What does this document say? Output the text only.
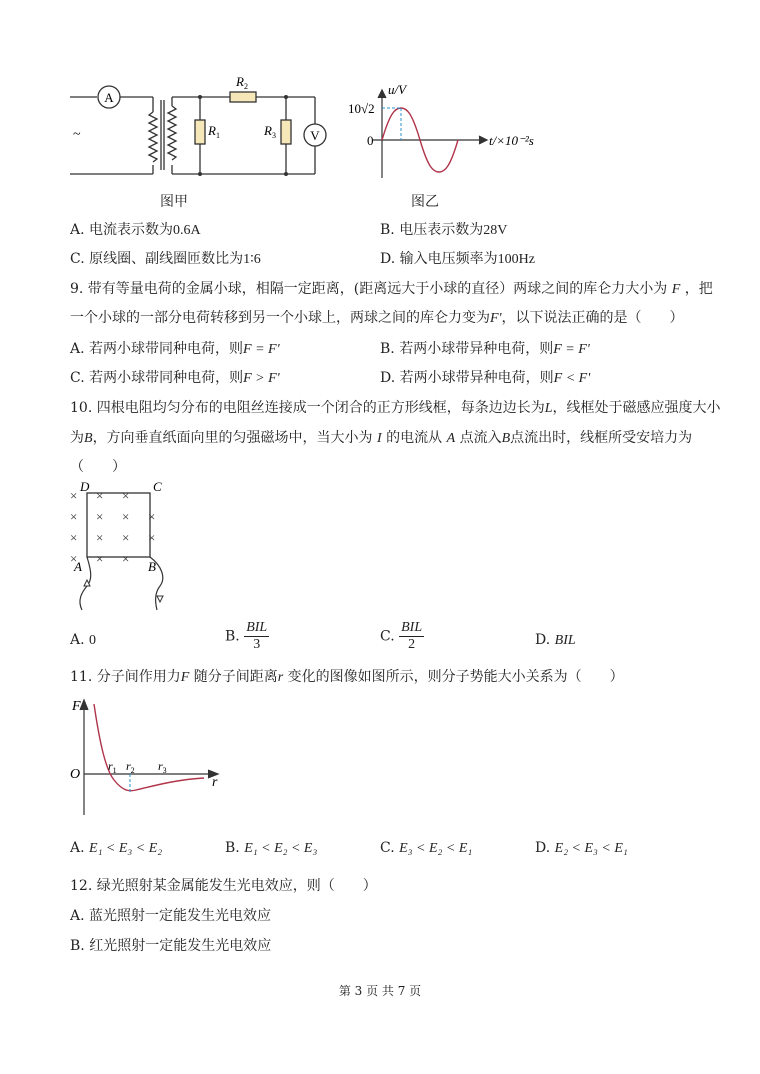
A
V
~
$R_2$
$R_1$	$R_3$
图甲
u/V
10√2
0	t/×10⁻²s
图乙
A. 电流表示数为0.6A	B. 电压表示数为28V
C. 原线圈、副线圈匝数比为1∶6	D. 输入电压频率为100Hz
9. 带有等量电荷的金属小球，相隔一定距离，(距离远大于小球的直径）两球之间的库仑力大小为 F ，把
一个小球的一部分电荷转移到另一个小球上，两球之间的库仑力变为F'，以下说法正确的是（　　）
A. 若两小球带同种电荷，则F = F'	B. 若两小球带异种电荷，则F = F'
C. 若两小球带同种电荷，则F > F'	D. 若两小球带异种电荷，则F < F'
10. 四根电阻均匀分布的电阻丝连接成一个闭合的正方形线框，每条边边长为L，线框处于磁感应强度大小
为B，方向垂直纸面向里的匀强磁场中，当大小为 I 的电流从 A 点流入B点流出时，线框所受安培力为
（　　）
× × ×
× × × ×
× × × ×
× × ×
D	C
A	B
A. 0	B. $\frac{\text{BIL}}{3}$	C. $\frac{\text{BIL}}{2}$	D. BIL
11. 分子间作用力F 随分子间距离r 变化的图像如图所示，则分子势能大小关系为（　　）
F
O
r
$r_1$ $r_2$ $r_3$
A. E₁ < E₃ < E₂	B. E₁ < E₂ < E₃	C. E₃ < E₂ < E₁	D. E₂ < E₃ < E₁
12. 绿光照射某金属能发生光电效应，则（　　）
A. 蓝光照射一定能发生光电效应
B. 红光照射一定能发生光电效应
第 3 页 共 7 页
